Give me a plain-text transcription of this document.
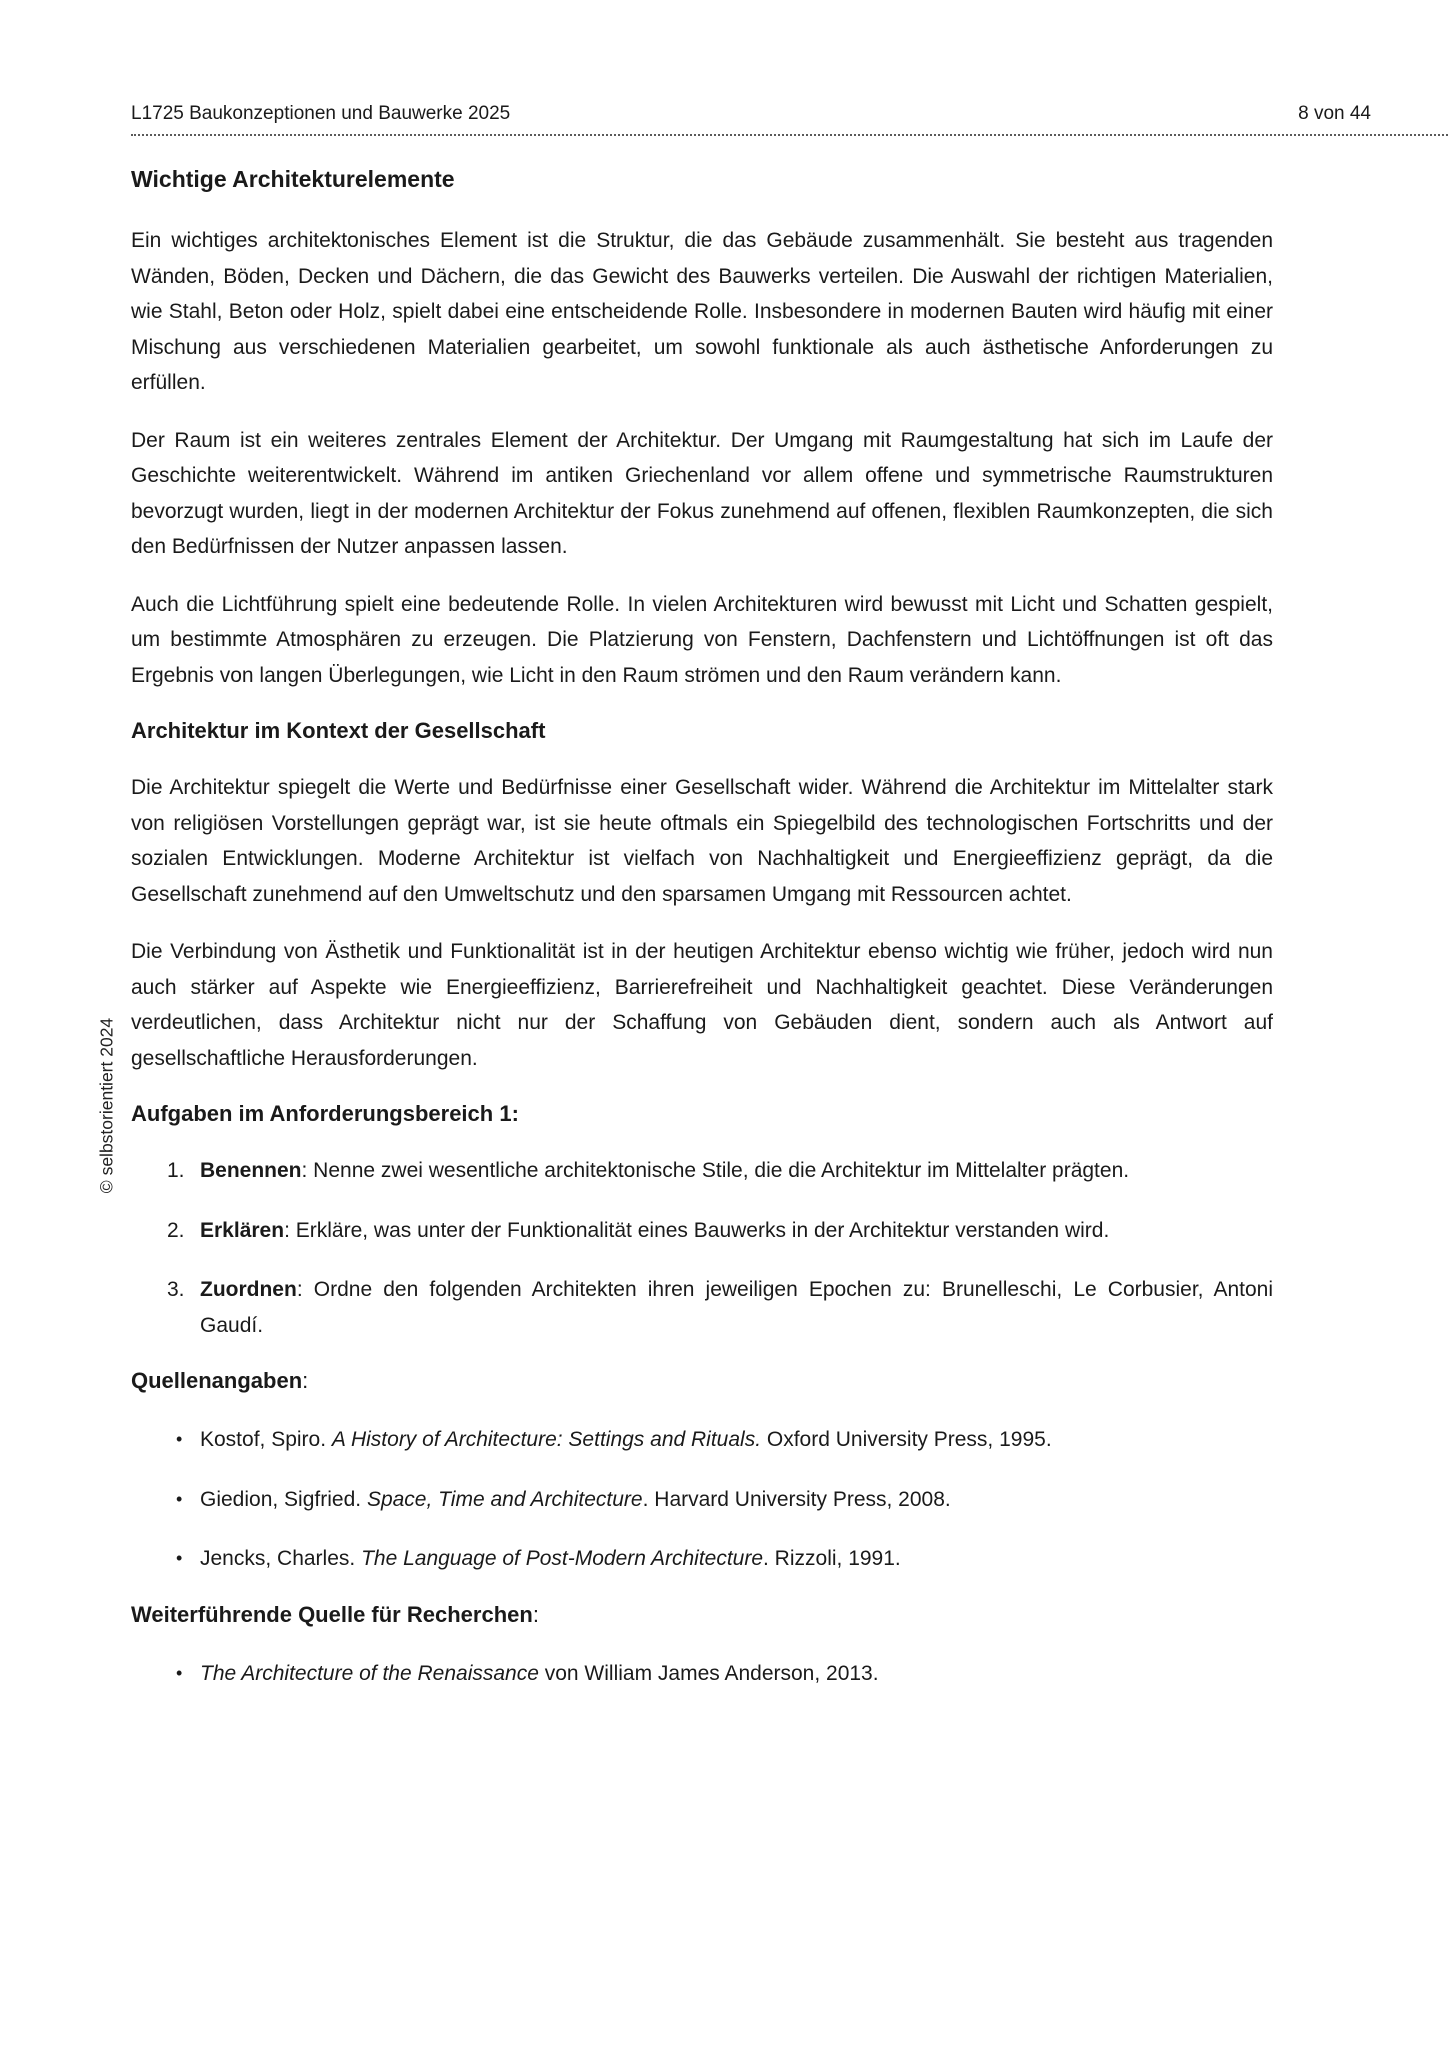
L1725 Baukonzeptionen und Bauwerke 2025	8 von 44
© selbstorientiert 2024
Wichtige Architekturelemente

Ein wichtiges architektonisches Element ist die Struktur, die das Gebäude zusammenhält. Sie besteht aus tragenden Wänden, Böden, Decken und Dächern, die das Gewicht des Bauwerks verteilen. Die Auswahl der richtigen Materialien, wie Stahl, Beton oder Holz, spielt dabei eine entscheidende Rolle. Insbesondere in modernen Bauten wird häufig mit einer Mischung aus verschiedenen Materialien gearbeitet, um sowohl funktionale als auch ästhetische Anforderungen zu erfüllen.

Der Raum ist ein weiteres zentrales Element der Architektur. Der Umgang mit Raumgestaltung hat sich im Laufe der Geschichte weiterentwickelt. Während im antiken Griechenland vor allem offene und symmetrische Raumstrukturen bevorzugt wurden, liegt in der modernen Architektur der Fokus zunehmend auf offenen, flexiblen Raumkonzepten, die sich den Bedürfnissen der Nutzer anpassen lassen.

Auch die Lichtführung spielt eine bedeutende Rolle. In vielen Architekturen wird bewusst mit Licht und Schatten gespielt, um bestimmte Atmosphären zu erzeugen. Die Platzierung von Fenstern, Dachfenstern und Lichtöffnungen ist oft das Ergebnis von langen Überlegungen, wie Licht in den Raum strömen und den Raum verändern kann.

Architektur im Kontext der Gesellschaft

Die Architektur spiegelt die Werte und Bedürfnisse einer Gesellschaft wider. Während die Architektur im Mittelalter stark von religiösen Vorstellungen geprägt war, ist sie heute oftmals ein Spiegelbild des technologischen Fortschritts und der sozialen Entwicklungen. Moderne Architektur ist vielfach von Nachhaltigkeit und Energieeffizienz geprägt, da die Gesellschaft zunehmend auf den Umweltschutz und den sparsamen Umgang mit Ressourcen achtet.

Die Verbindung von Ästhetik und Funktionalität ist in der heutigen Architektur ebenso wichtig wie früher, jedoch wird nun auch stärker auf Aspekte wie Energieeffizienz, Barrierefreiheit und Nachhaltigkeit geachtet. Diese Veränderungen verdeutlichen, dass Architektur nicht nur der Schaffung von Gebäuden dient, sondern auch als Antwort auf gesellschaftliche Herausforderungen.

Aufgaben im Anforderungsbereich 1:
1. Benennen: Nenne zwei wesentliche architektonische Stile, die die Architektur im Mittelalter prägten.
2. Erklären: Erkläre, was unter der Funktionalität eines Bauwerks in der Architektur verstanden wird.
3. Zuordnen: Ordne den folgenden Architekten ihren jeweiligen Epochen zu: Brunelleschi, Le Corbusier, Antoni Gaudí.
Quellenangaben:
• Kostof, Spiro. A History of Architecture: Settings and Rituals. Oxford University Press, 1995.
• Giedion, Sigfried. Space, Time and Architecture. Harvard University Press, 2008.
• Jencks, Charles. The Language of Post-Modern Architecture. Rizzoli, 1991.
Weiterführende Quelle für Recherchen:
• The Architecture of the Renaissance von William James Anderson, 2013.
